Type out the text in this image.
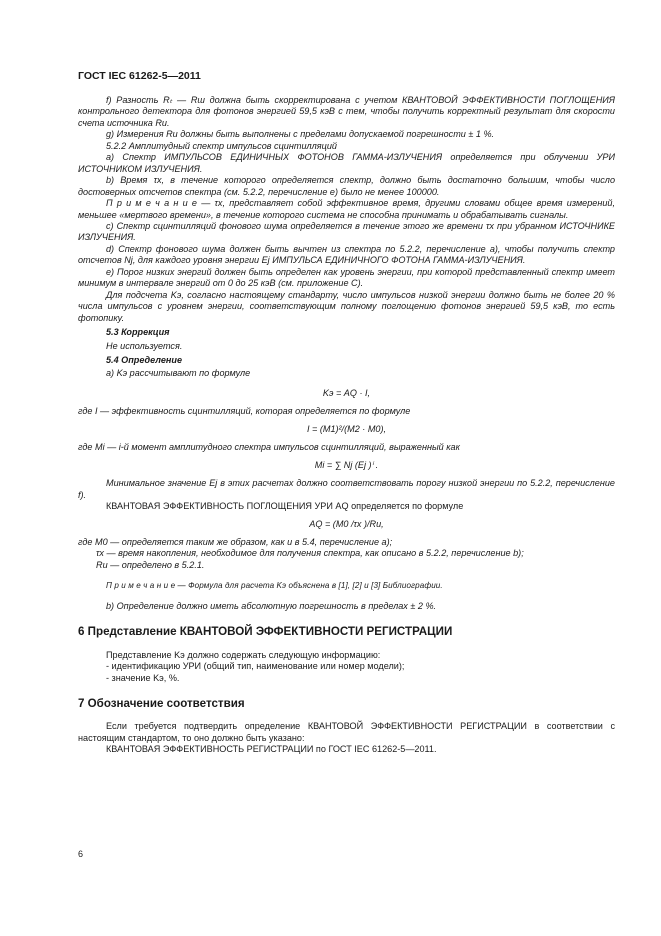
ГОСТ IEC 61262-5—2011

f) Разность Rₜ — Rш должна быть скорректирована с учетом КВАНТОВОЙ ЭФФЕКТИВНОСТИ ПОГЛОЩЕНИЯ контрольного детектора для фотонов энергией 59,5 кэВ с тем, чтобы получить корректный результат для скорости счета источника Rи.

g) Измерения Rи должны быть выполнены с пределами допускаемой погрешности ± 1 %.

5.2.2 Амплитудный спектр импульсов сцинтилляций

a) Спектр ИМПУЛЬСОВ ЕДИНИЧНЫХ ФОТОНОВ ГАММА-ИЗЛУЧЕНИЯ определяется при облучении УРИ ИСТОЧНИКОМ ИЗЛУЧЕНИЯ.

b) Время τx, в течение которого определяется спектр, должно быть достаточно большим, чтобы число достоверных отсчетов спектра (см. 5.2.2, перечисление e) было не менее 100000.

П р и м е ч а н и е — τx, представляет собой эффективное время, другими словами общее время измерений, меньшее «мертвого времени», в течение которого система не способна принимать и обрабатывать сигналы.

c) Спектр сцинтилляций фонового шума определяется в течение этого же времени τx при убранном ИСТОЧНИКЕ ИЗЛУЧЕНИЯ.

d) Спектр фонового шума должен быть вычтен из спектра по 5.2.2, перечисление a), чтобы получить спектр отсчетов Nj, для каждого уровня энергии Ej ИМПУЛЬСА ЕДИНИЧНОГО ФОТОНА ГАММА-ИЗЛУЧЕНИЯ.

e) Порог низких энергий должен быть определен как уровень энергии, при которой представленный спектр имеет минимум в интервале энергий от 0 до 25 кэВ (см. приложение С).

Для подсчета Kэ, согласно настоящему стандарту, число импульсов низкой энергии должно быть не более 20 % числа импульсов с уровнем энергии, соответствующим полному поглощению фотонов энергией 59,5 кэВ, то есть фотопику.

5.3 Коррекция

Не используется.

5.4 Определение

a) Kэ рассчитывают по формуле

Kэ = AQ · I,

где I — эффективность сцинтилляций, которая определяется по формуле

I = (M1)²/(M2 · M0),

где Mi — i-й момент амплитудного спектра импульсов сцинтилляций, выраженный как

Mi = ∑ Nj (Ej )ⁱ .

Минимальное значение Ej в этих расчетах должно соответствовать порогу низкой энергии по 5.2.2, перечисление f).

КВАНТОВАЯ ЭФФЕКТИВНОСТЬ ПОГЛОЩЕНИЯ УРИ AQ определяется по формуле

AQ = (M0 /τx )/Rи,

где M0 — определяется таким же образом, как и в 5.4, перечисление a);

τx — время накопления, необходимое для получения спектра, как описано в 5.2.2, перечисление b);

Rи — определено в 5.2.1.

П р и м е ч а н и е — Формула для расчета Kэ объяснена в [1], [2] и [3] Библиографии.

b) Определение должно иметь абсолютную погрешность в пределах ± 2 %.

6 Представление КВАНТОВОЙ ЭФФЕКТИВНОСТИ РЕГИСТРАЦИИ

Представление Kэ должно содержать следующую информацию:

- идентификацию УРИ (общий тип, наименование или номер модели);

- значение Kэ, %.

7 Обозначение соответствия

Если требуется подтвердить определение КВАНТОВОЙ ЭФФЕКТИВНОСТИ РЕГИСТРАЦИИ в соответствии с настоящим стандартом, то оно должно быть указано:

КВАНТОВАЯ ЭФФЕКТИВНОСТЬ РЕГИСТРАЦИИ по ГОСТ IEC 61262-5—2011.

6
